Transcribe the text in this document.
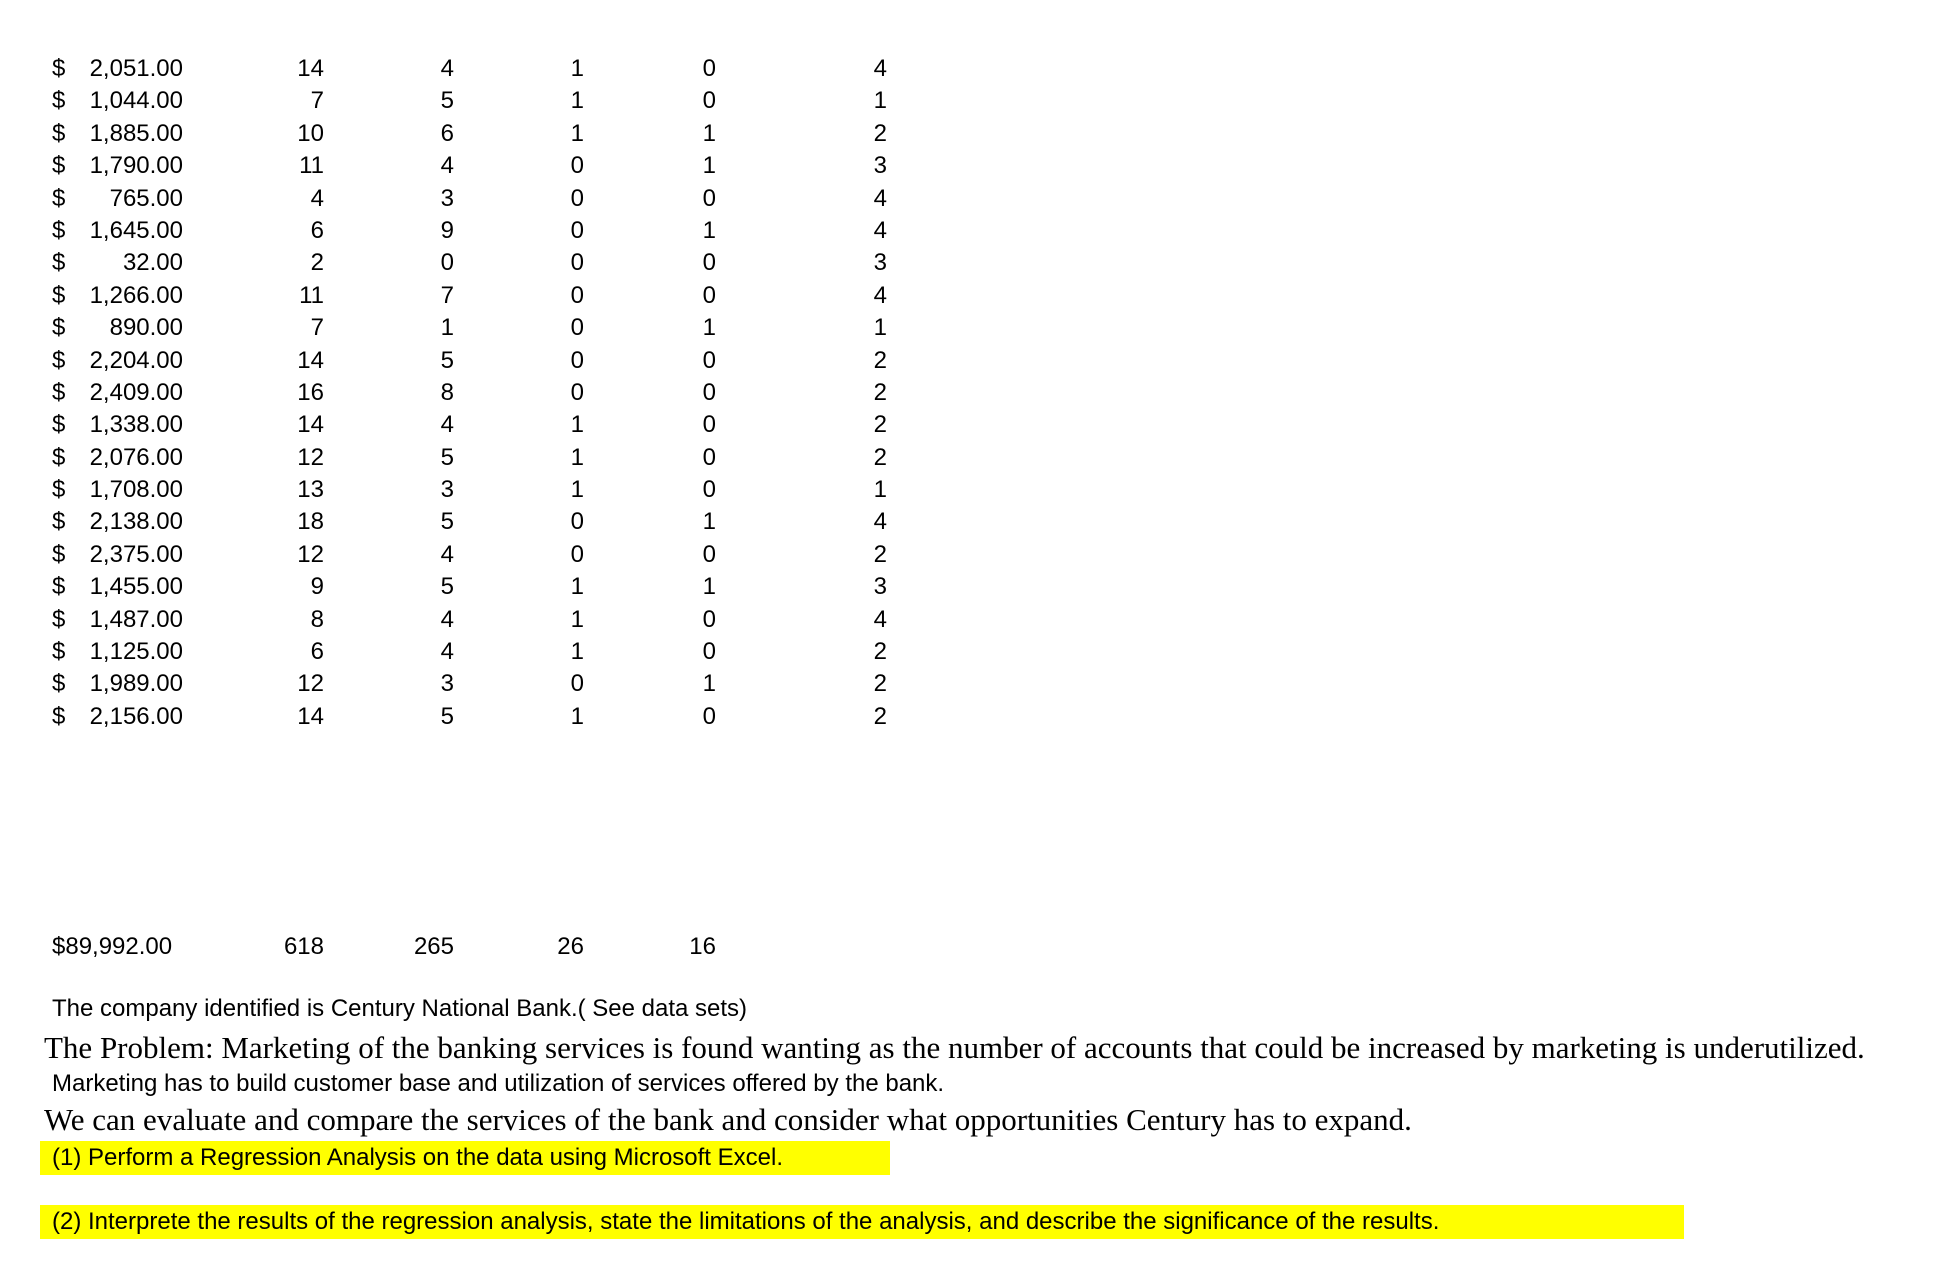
$	2,051.00	14	4	1	0	4
$	1,044.00	7	5	1	0	1
$	1,885.00	10	6	1	1	2
$	1,790.00	11	4	0	1	3
$	765.00	4	3	0	0	4
$	1,645.00	6	9	0	1	4
$	32.00	2	0	0	0	3
$	1,266.00	11	7	0	0	4
$	890.00	7	1	0	1	1
$	2,204.00	14	5	0	0	2
$	2,409.00	16	8	0	0	2
$	1,338.00	14	4	1	0	2
$	2,076.00	12	5	1	0	2
$	1,708.00	13	3	1	0	1
$	2,138.00	18	5	0	1	4
$	2,375.00	12	4	0	0	2
$	1,455.00	9	5	1	1	3
$	1,487.00	8	4	1	0	4
$	1,125.00	6	4	1	0	2
$	1,989.00	12	3	0	1	2
$	2,156.00	14	5	1	0	2
$89,992.00	618	265	26	16
The company identified is Century National Bank.( See data sets)
The Problem: Marketing of the banking services is found wanting as the number of accounts that could be increased by marketing is underutilized.
Marketing has to build customer base and utilization of services offered by the bank.
We can evaluate and compare the services of the bank and consider what opportunities Century has to expand.
(1) Perform a Regression Analysis on the data using Microsoft Excel.
(2) Interprete the results of the regression analysis, state the limitations of the analysis, and describe the significance of the results.
